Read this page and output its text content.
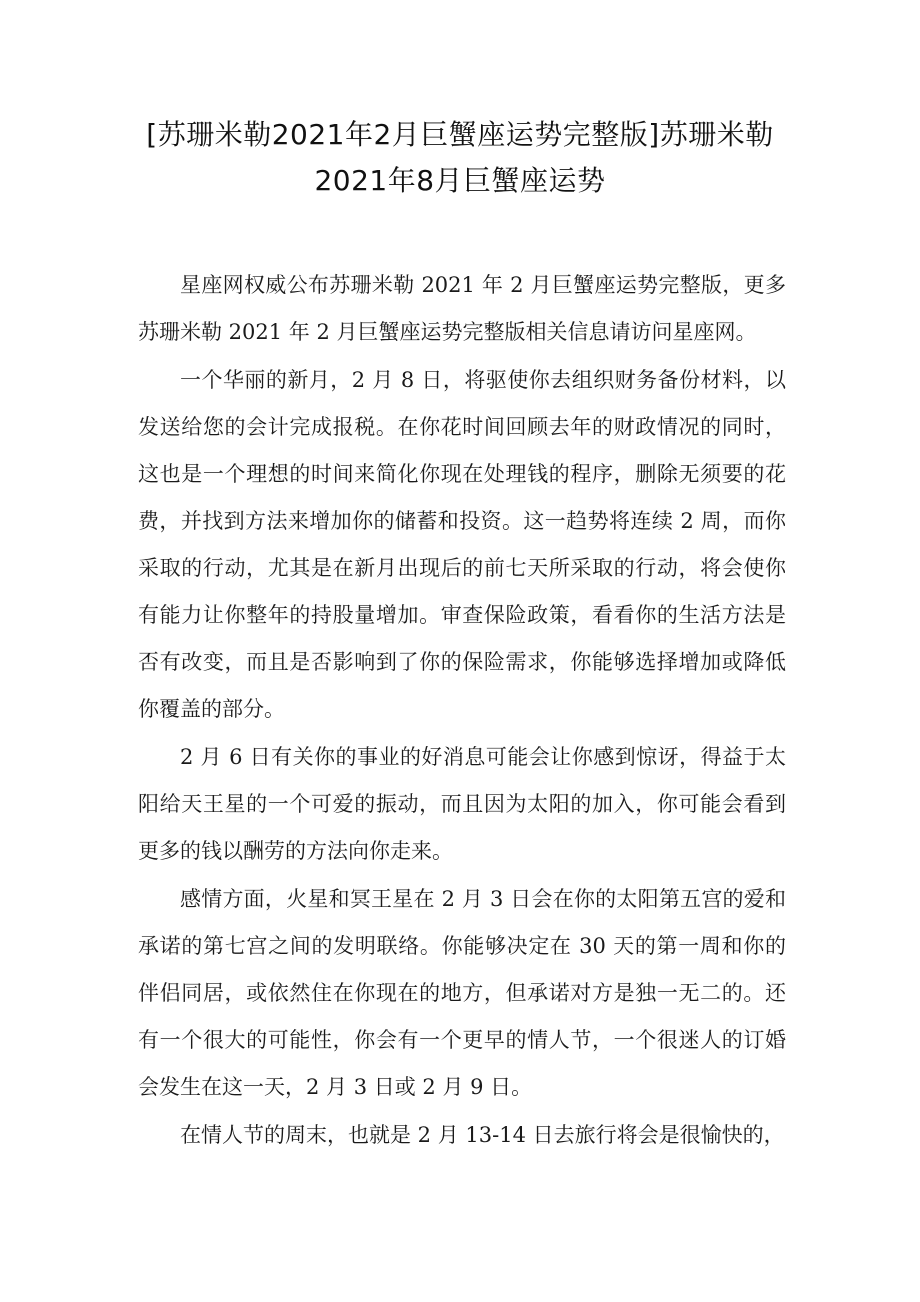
[苏珊米勒2021年2月巨蟹座运势完整版]苏珊米勒
2021年8月巨蟹座运势

星座网权威公布苏珊米勒 2021 年 2 月巨蟹座运势完整版，更多苏珊米勒 2021 年 2 月巨蟹座运势完整版相关信息请访问星座网。

一个华丽的新月，2 月 8 日，将驱使你去组织财务备份材料，以发送给您的会计完成报税。在你花时间回顾去年的财政情况的同时，这也是一个理想的时间来简化你现在处理钱的程序，删除无须要的花费，并找到方法来增加你的储蓄和投资。这一趋势将连续 2 周，而你采取的行动，尤其是在新月出现后的前七天所采取的行动，将会使你有能力让你整年的持股量增加。审查保险政策，看看你的生活方法是否有改变，而且是否影响到了你的保险需求，你能够选择增加或降低你覆盖的部分。

2 月 6 日有关你的事业的好消息可能会让你感到惊讶，得益于太阳给天王星的一个可爱的振动，而且因为太阳的加入，你可能会看到更多的钱以酬劳的方法向你走来。

感情方面，火星和冥王星在 2 月 3 日会在你的太阳第五宫的爱和承诺的第七宫之间的发明联络。你能够决定在 30 天的第一周和你的伴侣同居，或依然住在你现在的地方，但承诺对方是独一无二的。还有一个很大的可能性，你会有一个更早的情人节，一个很迷人的订婚会发生在这一天，2 月 3 日或 2 月 9 日。

在情人节的周末，也就是 2 月 13-14 日去旅行将会是很愉快的，
